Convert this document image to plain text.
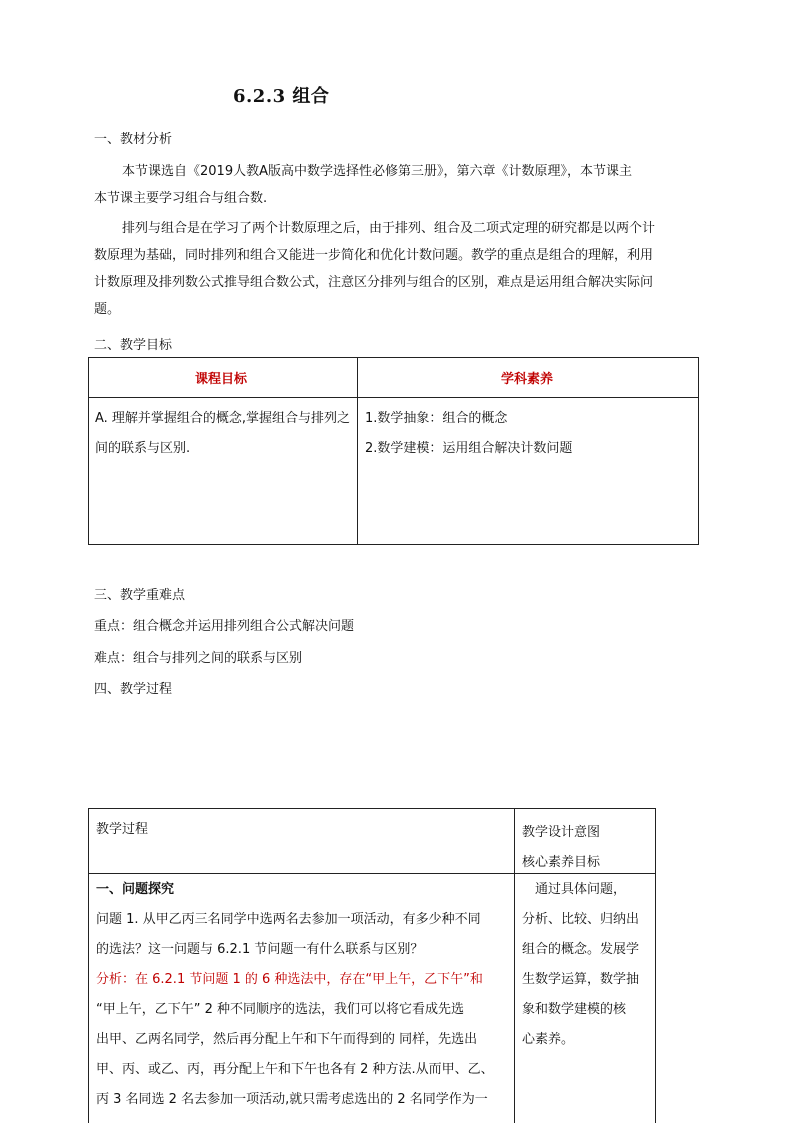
6.2.3 组合
一、教材分析
本节课选自《2019人教A版高中数学选择性必修第三册》，第六章《计数原理》，本节课主
本节课主要学习组合与组合数.
排列与组合是在学习了两个计数原理之后，由于排列、组合及二项式定理的研究都是以两个计
数原理为基础，同时排列和组合又能进一步简化和优化计数问题。教学的重点是组合的理解，利用
计数原理及排列数公式推导组合数公式，注意区分排列与组合的区别，难点是运用组合解决实际问
题。
二、教学目标
课程目标	学科素养
A. 理解并掌握组合的概念,掌握组合与排列之间的联系与区别.
1.数学抽象：组合的概念
2.数学建模：运用组合解决计数问题
三、教学重难点
重点：组合概念并运用排列组合公式解决问题
难点：组合与排列之间的联系与区别
四、教学过程
教学过程	教学设计意图
核心素养目标
一、问题探究
问题 1. 从甲乙丙三名同学中选两名去参加一项活动，有多少种不同
的选法？这一问题与 6.2.1 节问题一有什么联系与区别？
分析：在 6.2.1 节问题 1 的 6 种选法中，存在“甲上午，乙下午”和
“甲上午，乙下午” 2 种不同顺序的选法，我们可以将它看成先选
出甲、乙两名同学，然后再分配上午和下午而得到的 同样，先选出
甲、丙、或乙、丙，再分配上午和下午也各有 2 种方法.从而甲、乙、
丙 3 名同选 2 名去参加一项活动,就只需考虑选出的 2 名同学作为一
　通过具体问题，
分析、比较、归纳出
组合的概念。发展学
生数学运算，数学抽
象和数学建模的核
心素养。
